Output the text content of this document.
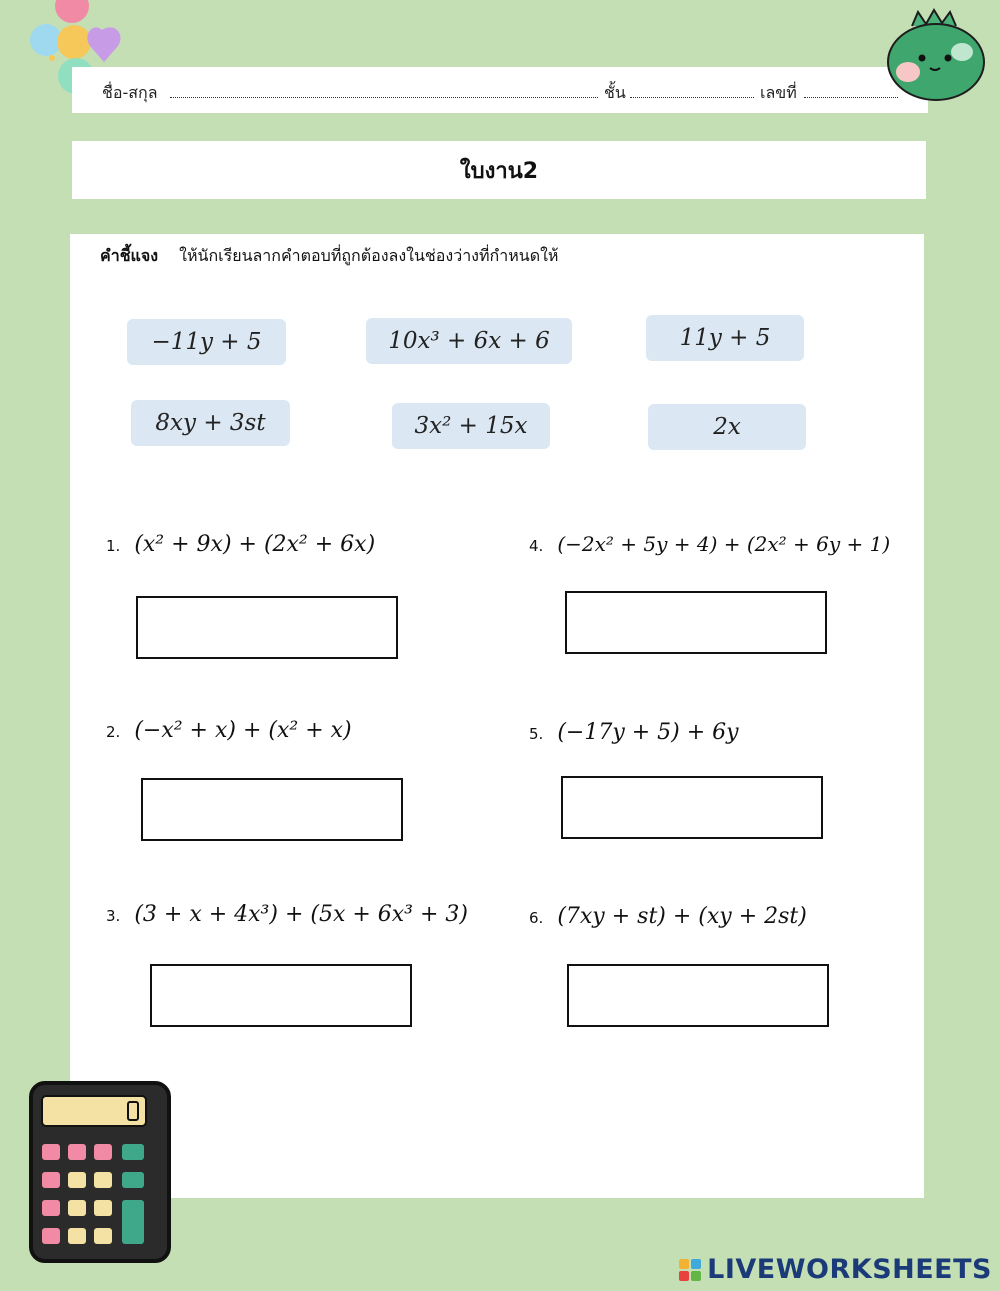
ชื่อ-สกุล	ชั้น	เลขที่
ใบงาน2
คำชี้แจง ให้นักเรียนลากคำตอบที่ถูกต้องลงในช่องว่างที่กำหนดให้
−11y + 5	10x³ + 6x + 6	11y + 5
8xy + 3st	3x² + 15x	2x
1. (x² + 9x) + (2x² + 6x)
2. (−x² + x) + (x² + x)
3. (3 + x + 4x³) + (5x + 6x³ + 3)
4. (−2x² + 5y + 4) + (2x² + 6y + 1)
5. (−17y + 5) + 6y
6. (7xy + st) + (xy + 2st)
LIVEWORKSHEETS
